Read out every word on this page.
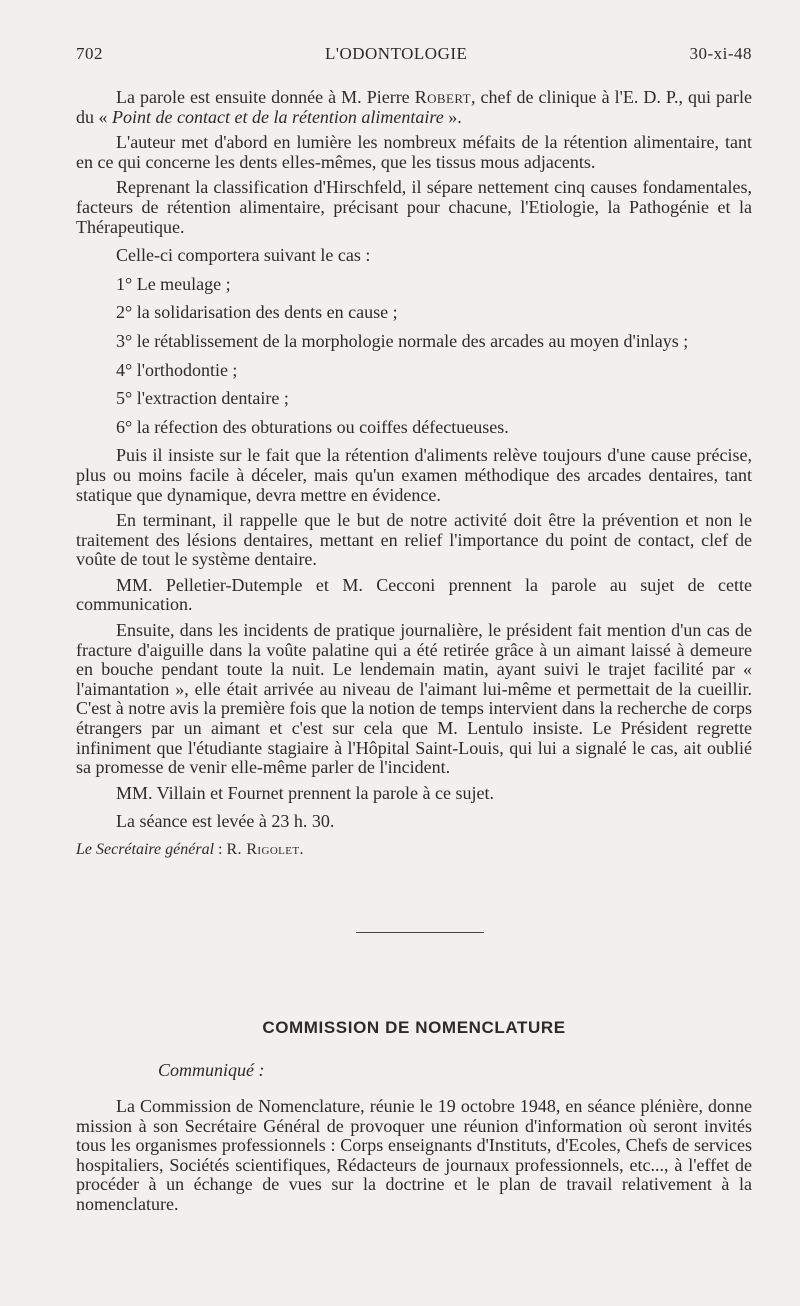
702	L'ODONTOLOGIE	30-xi-48

La parole est ensuite donnée à M. Pierre Robert, chef de clinique à l'E. D. P., qui parle du « Point de contact et de la rétention alimentaire ».

L'auteur met d'abord en lumière les nombreux méfaits de la rétention alimentaire, tant en ce qui concerne les dents elles-mêmes, que les tissus mous adjacents.

Reprenant la classification d'Hirschfeld, il sépare nettement cinq causes fondamentales, facteurs de rétention alimentaire, précisant pour chacune, l'Etiologie, la Pathogénie et la Thérapeutique.

Celle-ci comportera suivant le cas :

1° Le meulage ;

2° la solidarisation des dents en cause ;

3° le rétablissement de la morphologie normale des arcades au moyen d'inlays ;

4° l'orthodontie ;

5° l'extraction dentaire ;

6° la réfection des obturations ou coiffes défectueuses.

Puis il insiste sur le fait que la rétention d'aliments relève toujours d'une cause précise, plus ou moins facile à déceler, mais qu'un examen méthodique des arcades dentaires, tant statique que dynamique, devra mettre en évidence.

En terminant, il rappelle que le but de notre activité doit être la prévention et non le traitement des lésions dentaires, mettant en relief l'importance du point de contact, clef de voûte de tout le système dentaire.

MM. Pelletier-Dutemple et M. Cecconi prennent la parole au sujet de cette communication.

Ensuite, dans les incidents de pratique journalière, le président fait mention d'un cas de fracture d'aiguille dans la voûte palatine qui a été retirée grâce à un aimant laissé à demeure en bouche pendant toute la nuit. Le lendemain matin, ayant suivi le trajet facilité par « l'aimantation », elle était arrivée au niveau de l'aimant lui-même et permettait de la cueillir. C'est à notre avis la première fois que la notion de temps intervient dans la recherche de corps étrangers par un aimant et c'est sur cela que M. Lentulo insiste. Le Président regrette infiniment que l'étudiante stagiaire à l'Hôpital Saint-Louis, qui lui a signalé le cas, ait oublié sa promesse de venir elle-même parler de l'incident.

MM. Villain et Fournet prennent la parole à ce sujet.

La séance est levée à 23 h. 30.

Le Secrétaire général : R. Rigolet.

COMMISSION DE NOMENCLATURE
Communiqué :

La Commission de Nomenclature, réunie le 19 octobre 1948, en séance plénière, donne mission à son Secrétaire Général de provoquer une réunion d'information où seront invités tous les organismes professionnels : Corps enseignants d'Instituts, d'Ecoles, Chefs de services hospitaliers, Sociétés scientifiques, Rédacteurs de journaux professionnels, etc..., à l'effet de procéder à un échange de vues sur la doctrine et le plan de travail relativement à la nomenclature.
